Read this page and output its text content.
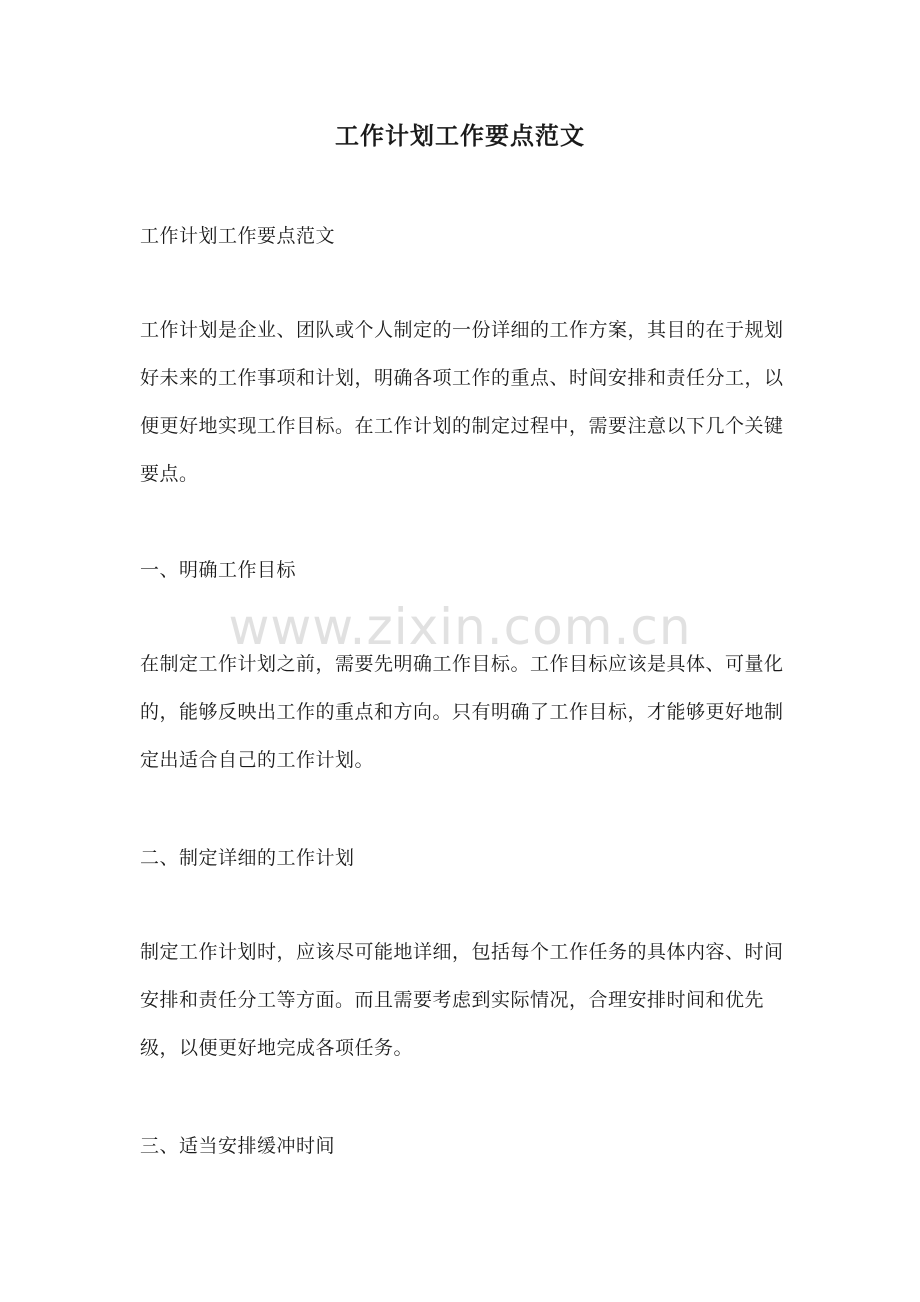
工作计划工作要点范文

工作计划工作要点范文

工作计划是企业、团队或个人制定的一份详细的工作方案，其目的在于规划好未来的工作事项和计划，明确各项工作的重点、时间安排和责任分工，以便更好地实现工作目标。在工作计划的制定过程中，需要注意以下几个关键要点。

一、明确工作目标

在制定工作计划之前，需要先明确工作目标。工作目标应该是具体、可量化的，能够反映出工作的重点和方向。只有明确了工作目标，才能够更好地制定出适合自己的工作计划。

二、制定详细的工作计划

制定工作计划时，应该尽可能地详细，包括每个工作任务的具体内容、时间安排和责任分工等方面。而且需要考虑到实际情况，合理安排时间和优先级，以便更好地完成各项任务。

三、适当安排缓冲时间

www.zixin.com.cn
